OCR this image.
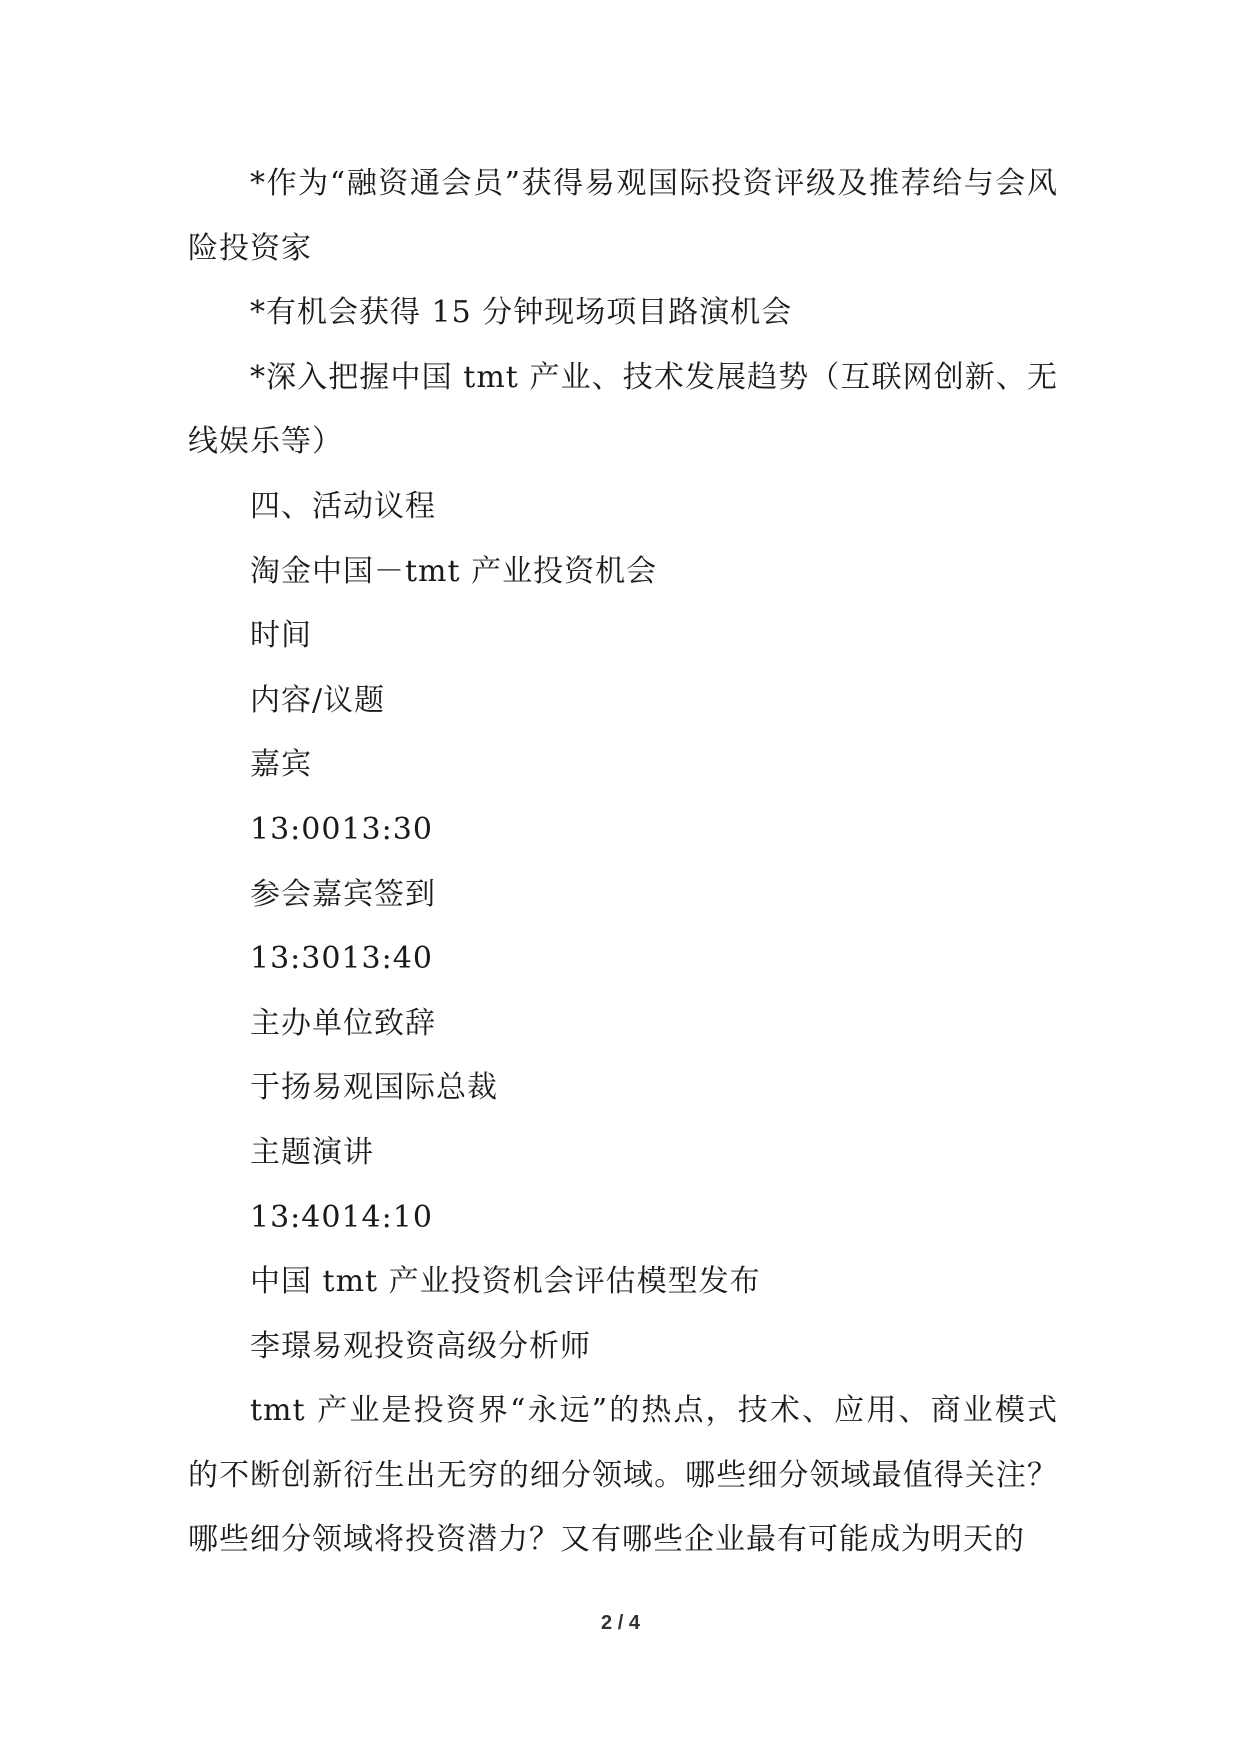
*作为“融资通会员”获得易观国际投资评级及推荐给与会风险投资家

*有机会获得 15 分钟现场项目路演机会

*深入把握中国 tmt 产业、技术发展趋势（互联网创新、无线娱乐等）

四、活动议程

淘金中国－tmt 产业投资机会

时间

内容/议题

嘉宾

13:0013:30

参会嘉宾签到

13:3013:40

主办单位致辞

于扬易观国际总裁

主题演讲

13:4014:10

中国 tmt 产业投资机会评估模型发布

李璟易观投资高级分析师

tmt 产业是投资界“永远”的热点，技术、应用、商业模式的不断创新衍生出无穷的细分领域。哪些细分领域最值得关注？哪些细分领域将投资潜力？又有哪些企业最有可能成为明天的

2 / 4
